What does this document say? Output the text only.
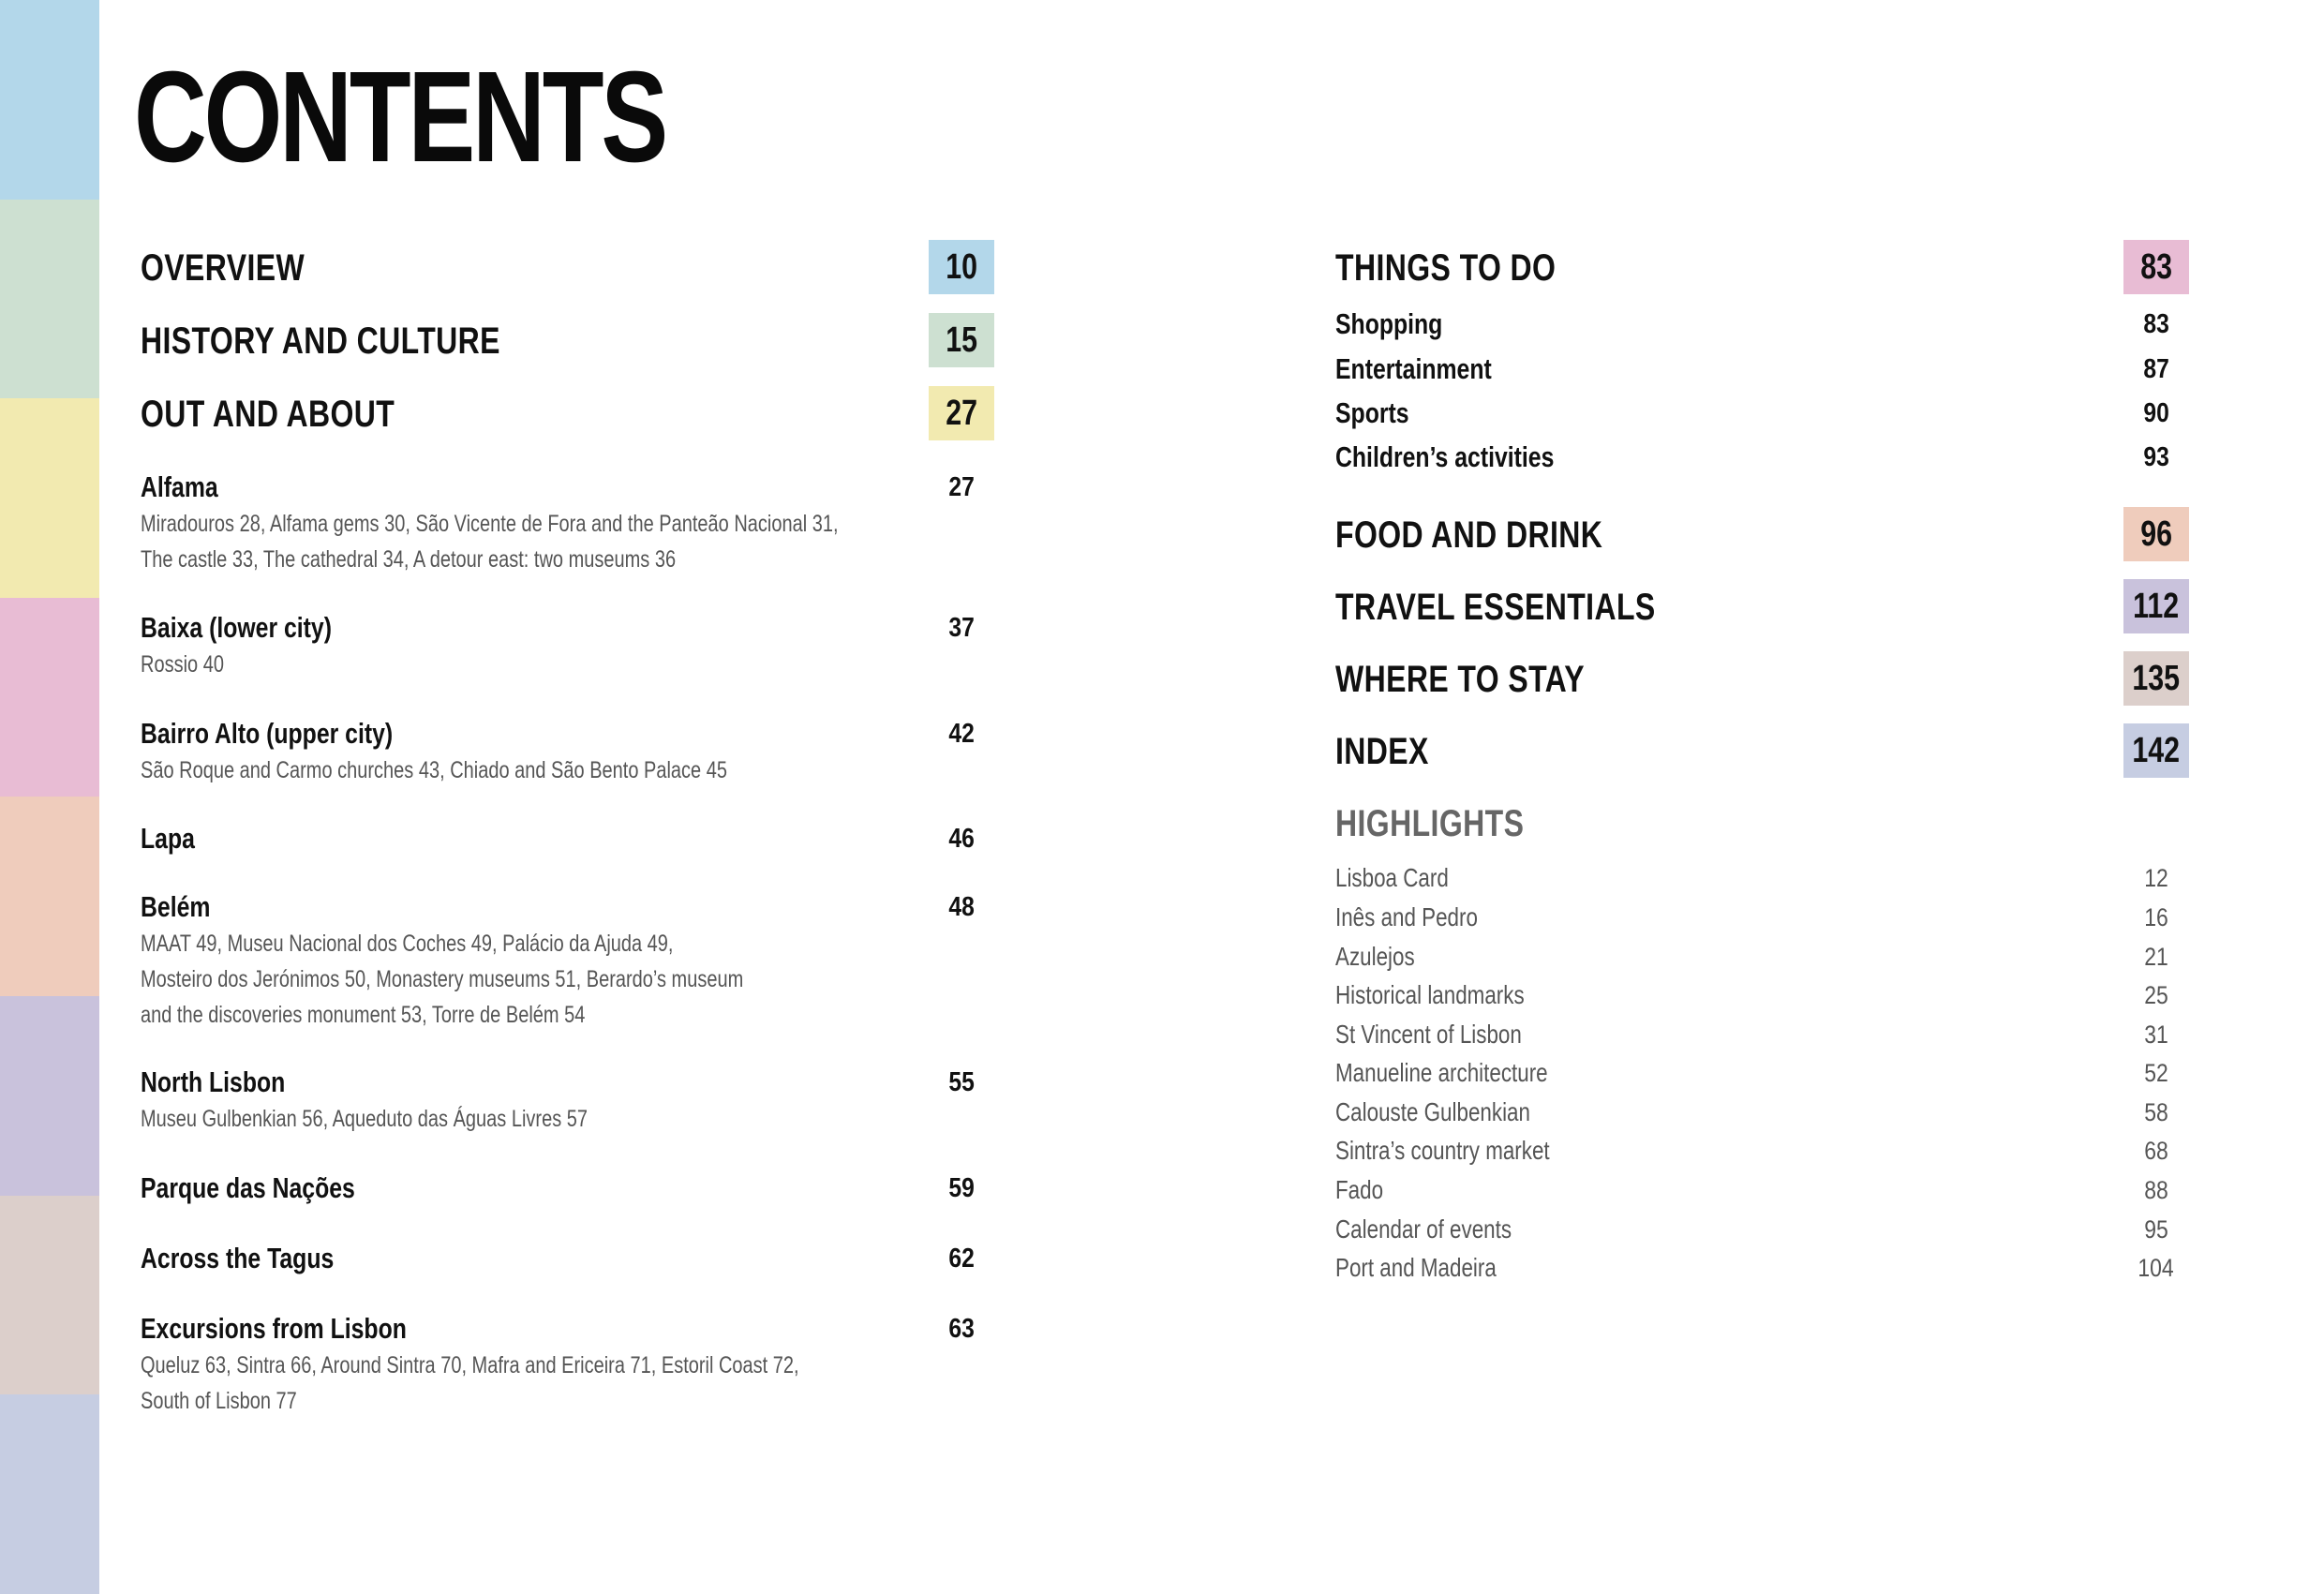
CONTENTS
OVERVIEW	10
HISTORY AND CULTURE	15
OUT AND ABOUT	27
Alfama	27
Miradouros 28, Alfama gems 30, São Vicente de Fora and the Panteão Nacional 31,
The castle 33, The cathedral 34, A detour east: two museums 36
Baixa (lower city)	37
Rossio 40
Bairro Alto (upper city)	42
São Roque and Carmo churches 43, Chiado and São Bento Palace 45
Lapa	46
Belém	48
MAAT 49, Museu Nacional dos Coches 49, Palácio da Ajuda 49,
Mosteiro dos Jerónimos 50, Monastery museums 51, Berardo’s museum
and the discoveries monument 53, Torre de Belém 54
North Lisbon	55
Museu Gulbenkian 56, Aqueduto das Águas Livres 57
Parque das Nações	59
Across the Tagus	62
Excursions from Lisbon	63
Queluz 63, Sintra 66, Around Sintra 70, Mafra and Ericeira 71, Estoril Coast 72,
South of Lisbon 77
THINGS TO DO	83
Shopping	83
Entertainment	87
Sports	90
Children’s activities	93
FOOD AND DRINK	96
TRAVEL ESSENTIALS	112
WHERE TO STAY	135
INDEX	142
HIGHLIGHTS
Lisboa Card	12
Inês and Pedro	16
Azulejos	21
Historical landmarks	25
St Vincent of Lisbon	31
Manueline architecture	52
Calouste Gulbenkian	58
Sintra’s country market	68
Fado	88
Calendar of events	95
Port and Madeira	104
